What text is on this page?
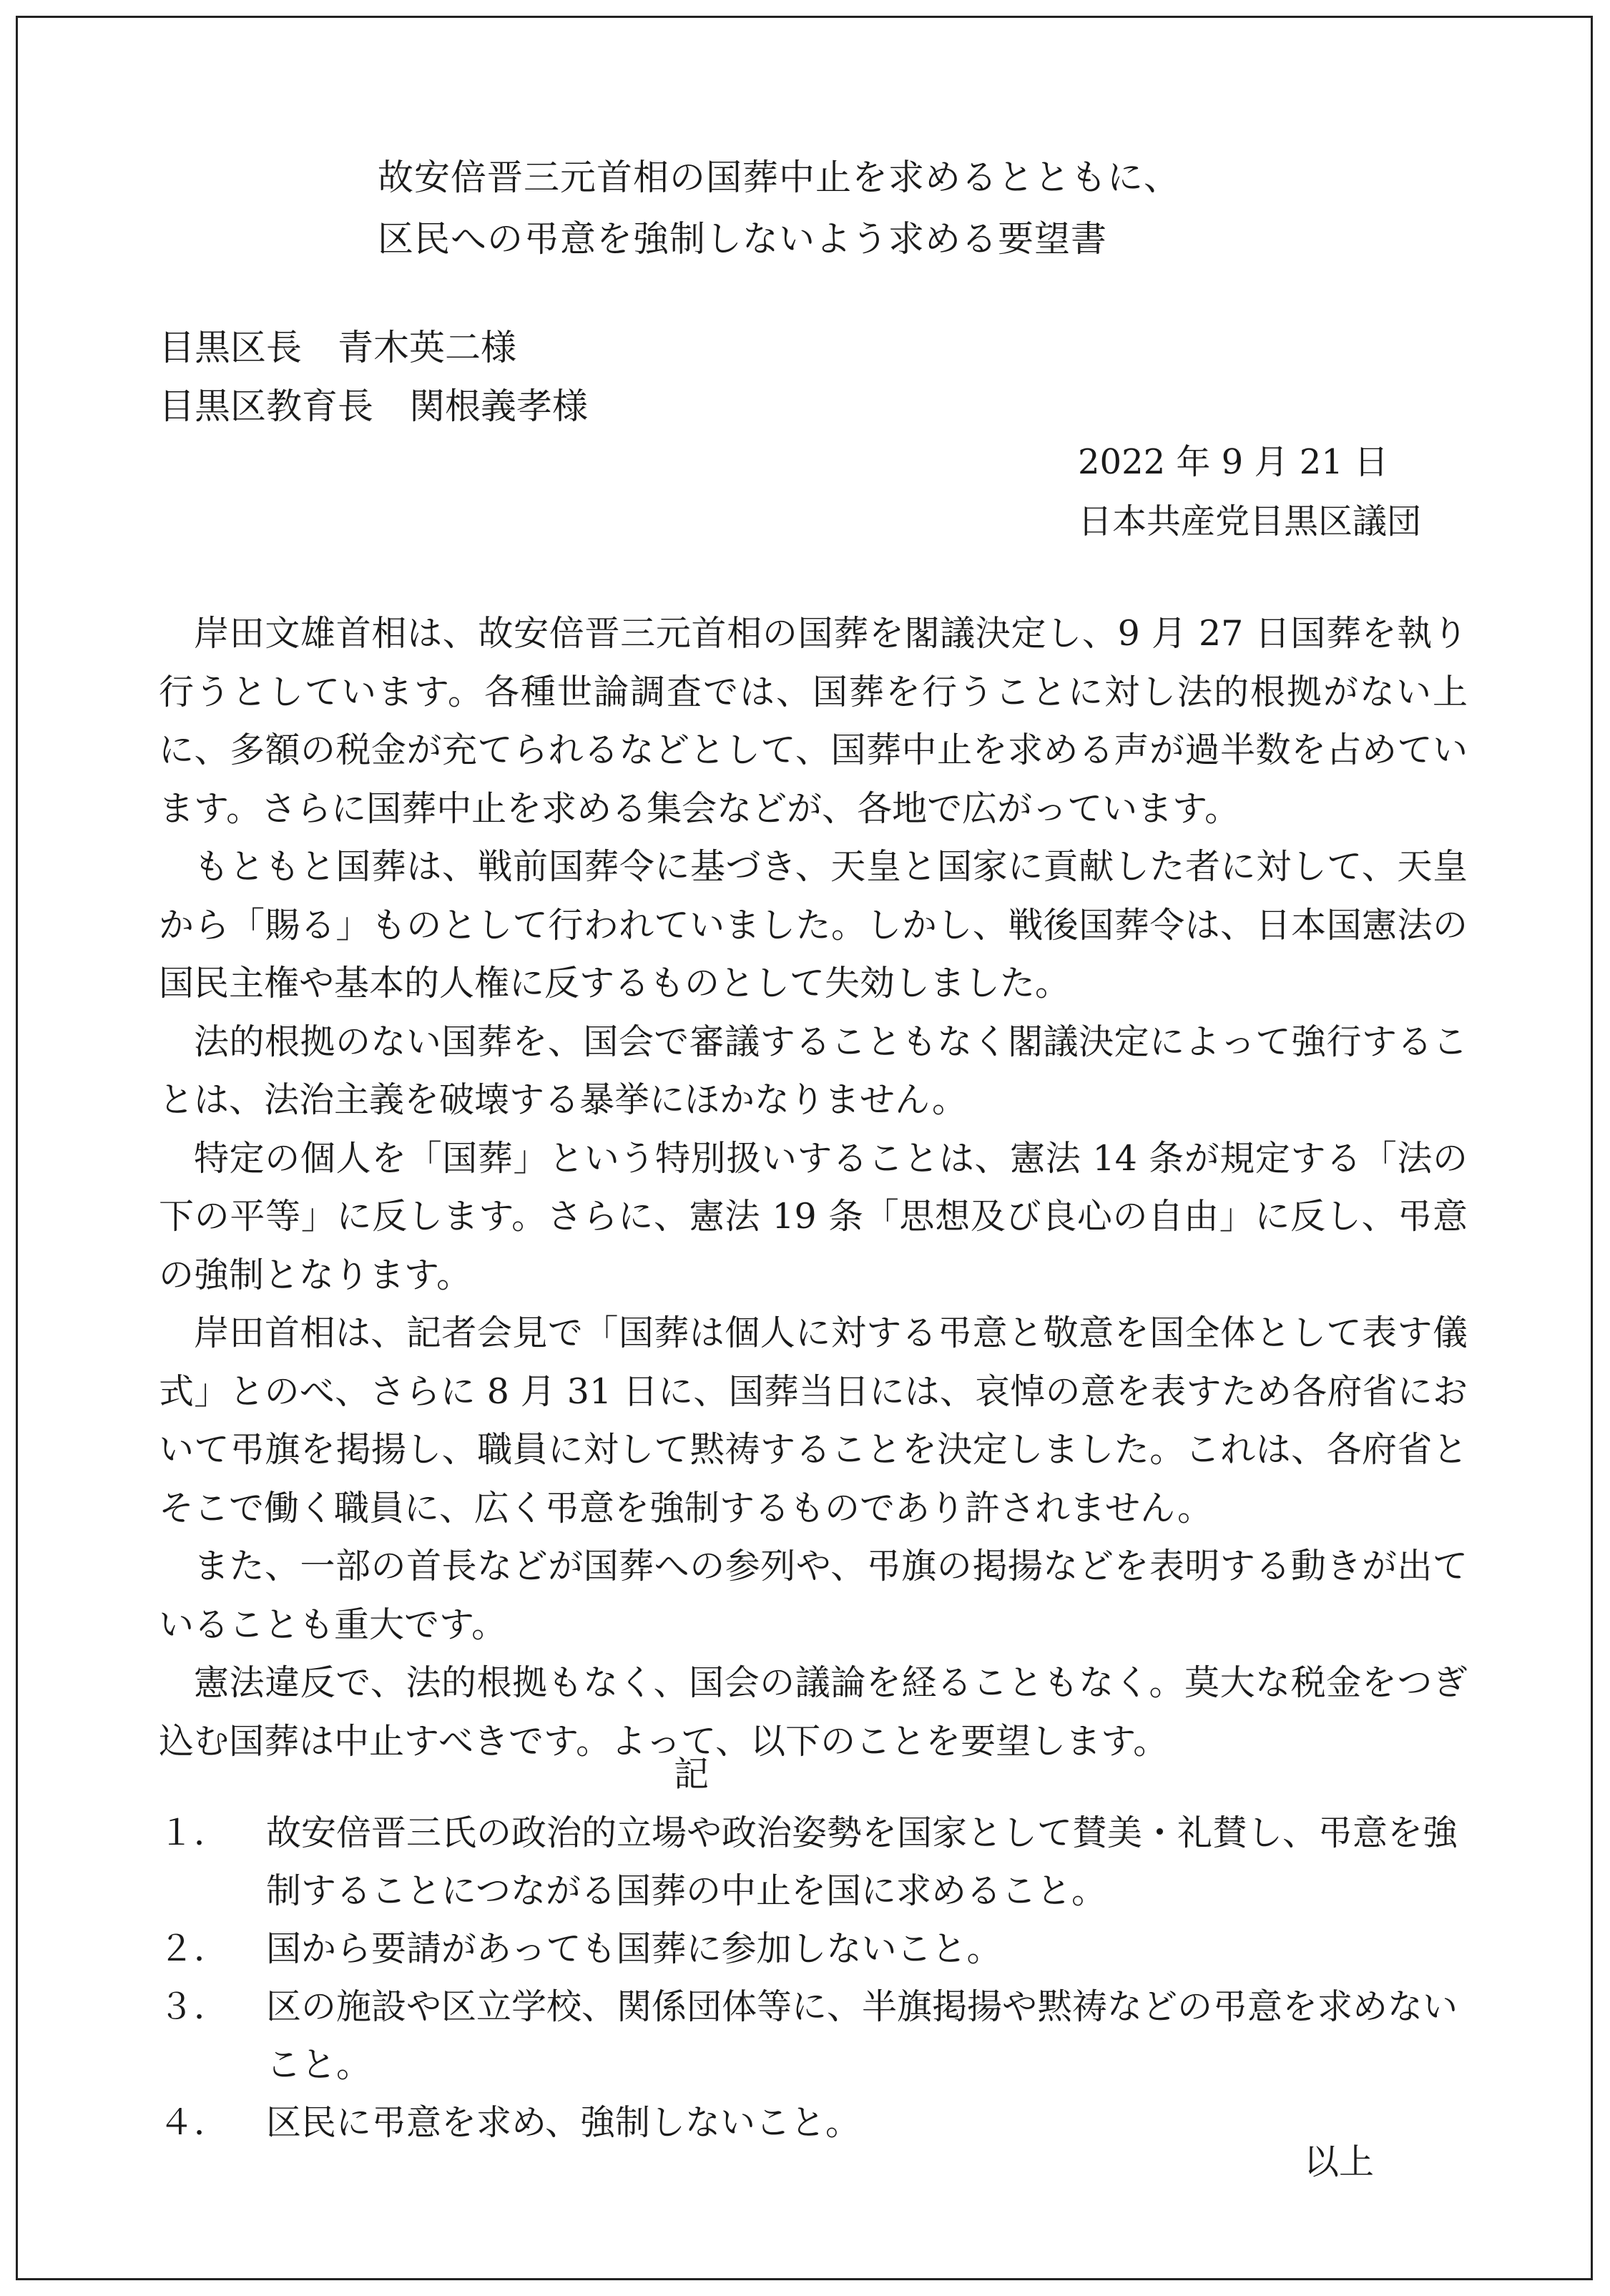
故安倍晋三元首相の国葬中止を求めるとともに、
区民への弔意を強制しないよう求める要望書
目黒区長　青木英二様
目黒区教育長　関根義孝様
2022 年 9 月 21 日
日本共産党目黒区議団

岸田文雄首相は、故安倍晋三元首相の国葬を閣議決定し、9 月 27 日国葬を執り行うとしています。各種世論調査では、国葬を行うことに対し法的根拠がない上に、多額の税金が充てられるなどとして、国葬中止を求める声が過半数を占めています。さらに国葬中止を求める集会などが、各地で広がっています。

もともと国葬は、戦前国葬令に基づき、天皇と国家に貢献した者に対して、天皇から「賜る」ものとして行われていました。しかし、戦後国葬令は、日本国憲法の国民主権や基本的人権に反するものとして失効しました。

法的根拠のない国葬を、国会で審議することもなく閣議決定によって強行することは、法治主義を破壊する暴挙にほかなりません。

特定の個人を「国葬」という特別扱いすることは、憲法 14 条が規定する「法の下の平等」に反します。さらに、憲法 19 条「思想及び良心の自由」に反し、弔意の強制となります。

岸田首相は、記者会見で「国葬は個人に対する弔意と敬意を国全体として表す儀式」とのべ、さらに 8 月 31 日に、国葬当日には、哀悼の意を表すため各府省において弔旗を掲揚し、職員に対して黙祷することを決定しました。これは、各府省とそこで働く職員に、広く弔意を強制するものであり許されません。

また、一部の首長などが国葬への参列や、弔旗の掲揚などを表明する動きが出ていることも重大です。

憲法違反で、法的根拠もなく、国会の議論を経ることもなく。莫大な税金をつぎ込む国葬は中止すべきです。よって、以下のことを要望します。

記
１． 故安倍晋三氏の政治的立場や政治姿勢を国家として賛美・礼賛し、弔意を強制することにつながる国葬の中止を国に求めること。
２． 国から要請があっても国葬に参加しないこと。
３． 区の施設や区立学校、関係団体等に、半旗掲揚や黙祷などの弔意を求めないこと。
４． 区民に弔意を求め、強制しないこと。
以上
